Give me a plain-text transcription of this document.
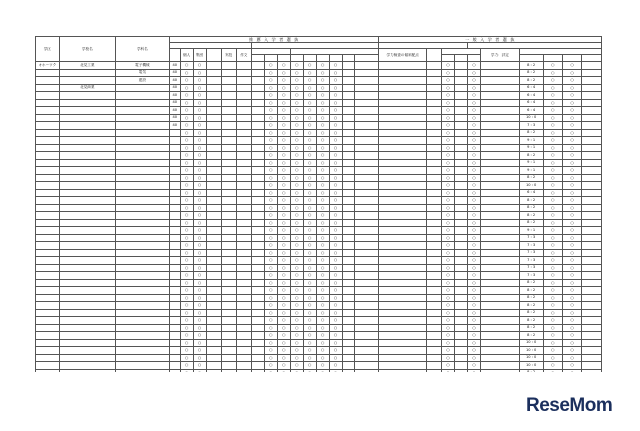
学区	学校名	学科名	推 薦 入 学 者 選 抜															一 般 入 学 者 選 抜									

				個人	集団		実技	作文										学力検査の傾斜配点					学力：評定				

オホーツク	北見工業	電子機械	40	○	○					○	○	○	○	○	○					○		○		8 : 2	○	○	
		電気	40	○	○					○	○	○	○	○	○					○		○		8 : 2	○	○	
		建設	40	○	○					○	○	○	○	○	○					○		○		8 : 2	○	○	
	北見商業		40	○	○					○	○	○	○	○	○					○		○		6 : 4	○	○	
			40	○	○					○	○	○	○	○	○					○		○		6 : 4	○	○	
			40	○	○					○	○	○	○	○	○					○		○		6 : 4	○	○	
			40	○	○					○	○	○	○	○	○					○		○		6 : 4	○	○	
			40	○	○					○	○	○	○	○	○					○		○		10 : 0	○	○	
			40	○	○					○	○	○	○	○	○					○		○		7 : 3	○	○	
				○	○					○	○	○	○	○	○					○		○		8 : 2	○	○	
				○	○					○	○	○	○	○	○					○		○		9 : 1	○	○	
				○	○					○	○	○	○	○	○					○		○		9 : 1	○	○	
				○	○					○	○	○	○	○	○					○		○		8 : 2	○	○	
				○	○					○	○	○	○	○	○					○		○		9 : 1	○	○	
				○	○					○	○	○	○	○	○					○		○		9 : 1	○	○	
				○	○					○	○	○	○	○	○					○		○		8 : 2	○	○	
				○	○					○	○	○	○	○	○					○		○		10 : 0	○	○	
				○	○					○	○	○	○	○	○					○		○		6 : 4	○	○	
				○	○					○	○	○	○	○	○					○		○		8 : 2	○	○	
				○	○					○	○	○	○	○	○					○		○		8 : 2	○	○	
				○	○					○	○	○	○	○	○					○		○		8 : 2	○	○	
				○	○					○	○	○	○	○	○					○		○		8 : 2	○	○	
				○	○					○	○	○	○	○	○					○		○		9 : 1	○	○	
				○	○					○	○	○	○	○	○					○		○		7 : 3	○	○	
				○	○					○	○	○	○	○	○					○		○		7 : 3	○	○	
				○	○					○	○	○	○	○	○					○		○		7 : 3	○	○	
				○	○					○	○	○	○	○	○					○		○		7 : 3	○	○	
				○	○					○	○	○	○	○	○					○		○		7 : 3	○	○	
				○	○					○	○	○	○	○	○					○		○		7 : 3	○	○	
				○	○					○	○	○	○	○	○					○		○		8 : 2	○	○	
				○	○					○	○	○	○	○	○					○		○		8 : 2	○	○	
				○	○					○	○	○	○	○	○					○		○		8 : 2	○	○	
				○	○					○	○	○	○	○	○					○		○		8 : 2	○	○	
				○	○					○	○	○	○	○	○					○		○		8 : 2	○	○	
				○	○					○	○	○	○	○	○					○		○		8 : 2	○	○	
				○	○					○	○	○	○	○	○					○		○		8 : 2	○	○	
				○	○					○	○	○	○	○	○					○		○		8 : 2	○	○	
				○	○					○	○	○	○	○	○					○		○		10 : 0	○	○	
				○	○					○	○	○	○	○	○					○		○		10 : 0	○	○	
				○	○					○	○	○	○	○	○					○		○		10 : 0	○	○	
				○	○					○	○	○	○	○	○					○		○		10 : 0	○	○	
				○	○					○	○	○	○	○	○					○		○		8 : 2	○	○	

ReseMom
